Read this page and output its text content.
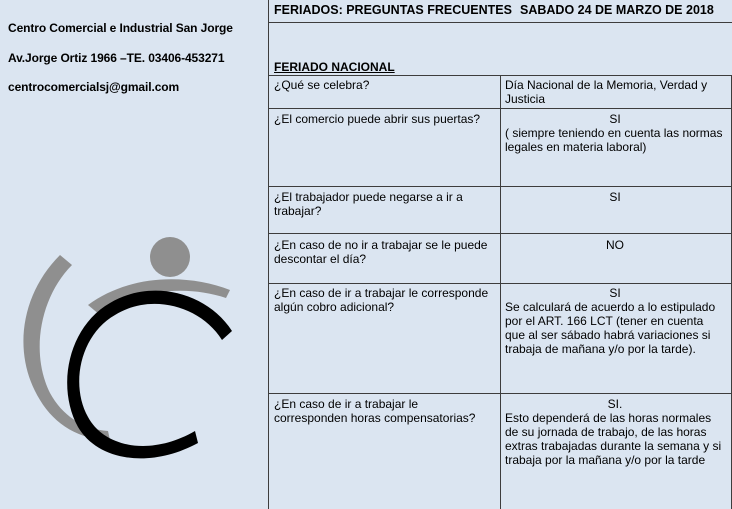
Centro Comercial e Industrial San Jorge
Av.Jorge Ortiz 1966 –TE. 03406-453271
centrocomercialsj@gmail.com
FERIADOS: PREGUNTAS FRECUENTES SABADO 24 DE MARZO DE 2018
FERIADO NACIONAL
¿Qué se celebra?	Día Nacional de la Memoria, Verdad y Justicia
¿El comercio puede abrir sus puertas?	SI
( siempre teniendo en cuenta las normas legales en materia laboral)
¿El trabajador puede negarse a ir a trabajar?
SI
¿En caso de no ir a trabajar se le puede descontar el día?
NO
¿En caso de ir a trabajar le corresponde algún cobro adicional?
SI
Se calculará de acuerdo a lo estipulado por el ART. 166 LCT (tener en cuenta que al ser sábado habrá variaciones si trabaja de mañana y/o por la tarde).
¿En caso de ir a trabajar le corresponden horas compensatorias?
SI.
Esto dependerá de las horas normales de su jornada de trabajo, de las horas extras trabajadas durante la semana y si trabaja por la mañana y/o por la tarde
